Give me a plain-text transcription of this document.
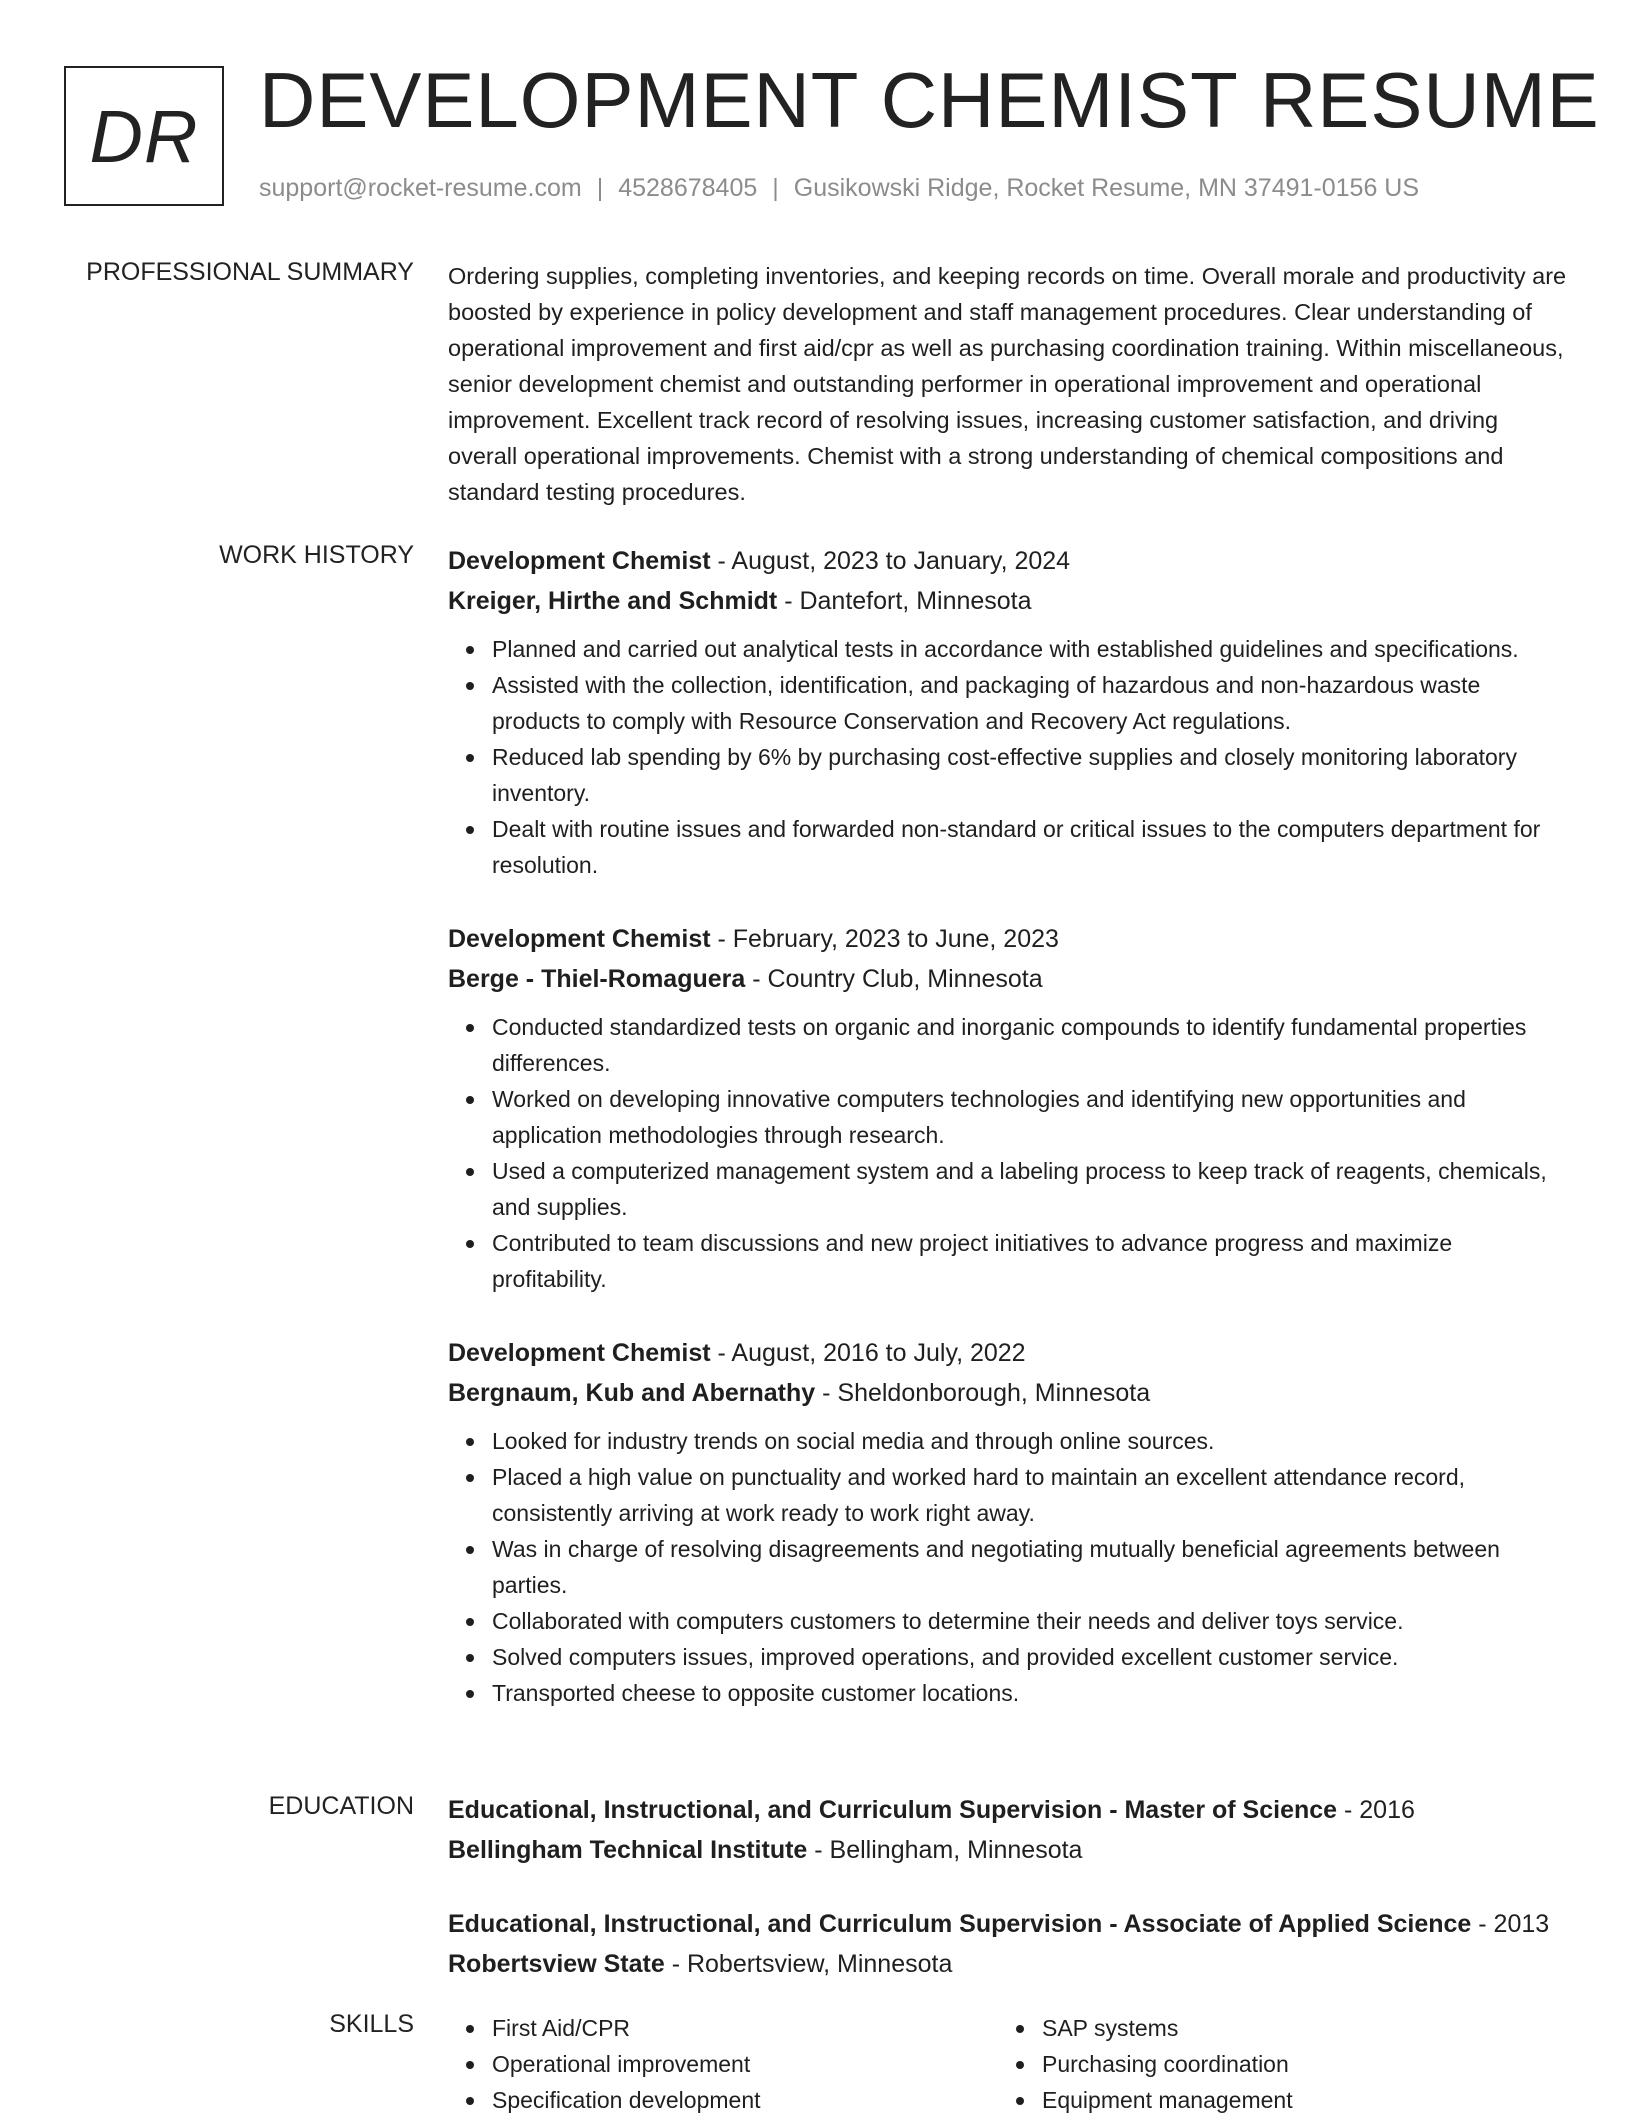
DR DEVELOPMENT CHEMIST RESUME
support@rocket-resume.com | 4528678405 | Gusikowski Ridge, Rocket Resume, MN 37491-0156 US
PROFESSIONAL SUMMARY Ordering supplies, completing inventories, and keeping records on time. Overall morale and productivity are boosted by experience in policy development and staff management procedures. Clear understanding of operational improvement and first aid/cpr as well as purchasing coordination training. Within miscellaneous, senior development chemist and outstanding performer in operational improvement and operational improvement. Excellent track record of resolving issues, increasing customer satisfaction, and driving overall operational improvements. Chemist with a strong understanding of chemical compositions and standard testing procedures.

WORK HISTORY Development Chemist - August, 2023 to January, 2024
Kreiger, Hirthe and Schmidt - Dantefort, Minnesota
Planned and carried out analytical tests in accordance with established guidelines and specifications.
Assisted with the collection, identification, and packaging of hazardous and non-hazardous waste products to comply with Resource Conservation and Recovery Act regulations.
Reduced lab spending by 6% by purchasing cost-effective supplies and closely monitoring laboratory inventory.
Dealt with routine issues and forwarded non-standard or critical issues to the computers department for resolution.
Development Chemist - February, 2023 to June, 2023
Berge - Thiel-Romaguera - Country Club, Minnesota
Conducted standardized tests on organic and inorganic compounds to identify fundamental properties differences.
Worked on developing innovative computers technologies and identifying new opportunities and application methodologies through research.
Used a computerized management system and a labeling process to keep track of reagents, chemicals, and supplies.
Contributed to team discussions and new project initiatives to advance progress and maximize profitability.
Development Chemist - August, 2016 to July, 2022
Bergnaum, Kub and Abernathy - Sheldonborough, Minnesota
Looked for industry trends on social media and through online sources.
Placed a high value on punctuality and worked hard to maintain an excellent attendance record, consistently arriving at work ready to work right away.
Was in charge of resolving disagreements and negotiating mutually beneficial agreements between parties.
Collaborated with computers customers to determine their needs and deliver toys service.
Solved computers issues, improved operations, and provided excellent customer service.
Transported cheese to opposite customer locations.
EDUCATION Educational, Instructional, and Curriculum Supervision - Master of Science - 2016
Bellingham Technical Institute - Bellingham, Minnesota
Educational, Instructional, and Curriculum Supervision - Associate of Applied Science - 2013
Robertsview State - Robertsview, Minnesota
SKILLS	First Aid/CPR
Operational improvement
Specification development
SAP systems
Purchasing coordination
Equipment management
